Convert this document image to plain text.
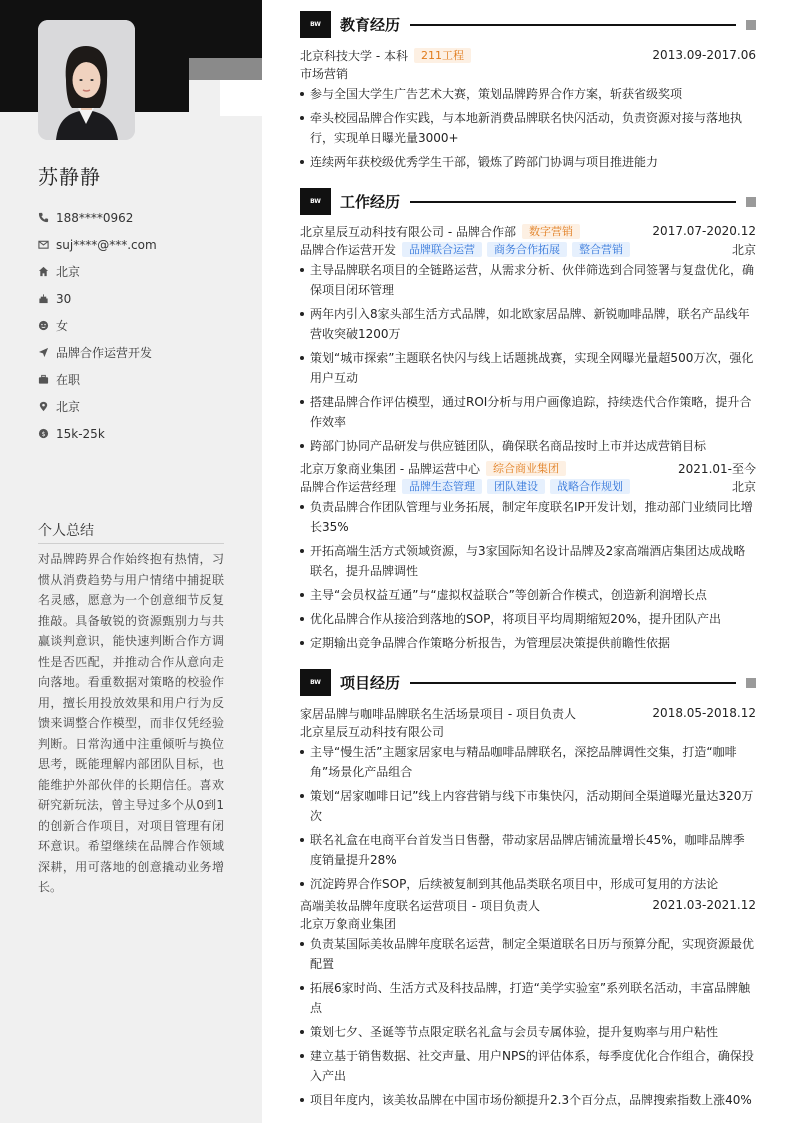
苏静静
188****0962
suj****@***.com
北京
30
女
品牌合作运营开发
在职
北京
$ 15k-25k
个人总结
对品牌跨界合作始终抱有热情，习惯从消费趋势与用户情绪中捕捉联名灵感，愿意为一个创意细节反复推敲。具备敏锐的资源甄别力与共赢谈判意识，能快速判断合作方调性是否匹配，并推动合作从意向走向落地。看重数据对策略的校验作用，擅长用投放效果和用户行为反馈来调整合作模型，而非仅凭经验判断。日常沟通中注重倾听与换位思考，既能理解内部团队目标，也能维护外部伙伴的长期信任。喜欢研究新玩法，曾主导过多个从0到1的创新合作项目，对项目管理有闭环意识。希望继续在品牌合作领域深耕，用可落地的创意撬动业务增长。
BW	教育经历
北京科技大学 - 本科	211工程	2013.09-2017.06
市场营销
参与全国大学生广告艺术大赛，策划品牌跨界合作方案，斩获省级奖项
牵头校园品牌合作实践，与本地新消费品牌联名快闪活动，负责资源对接与落地执行，实现单日曝光量3000+
连续两年获校级优秀学生干部，锻炼了跨部门协调与项目推进能力
BW	工作经历
北京星辰互动科技有限公司 - 品牌合作部	数字营销	2017.07-2020.12
品牌合作运营开发	品牌联合运营	商务合作拓展	整合营销	北京
主导品牌联名项目的全链路运营，从需求分析、伙伴筛选到合同签署与复盘优化，确保项目闭环管理
两年内引入8家头部生活方式品牌，如北欧家居品牌、新锐咖啡品牌，联名产品线年营收突破1200万
策划“城市探索”主题联名快闪与线上话题挑战赛，实现全网曝光量超500万次，强化用户互动
搭建品牌合作评估模型，通过ROI分析与用户画像追踪，持续迭代合作策略，提升合作效率
跨部门协同产品研发与供应链团队，确保联名商品按时上市并达成营销目标
北京万象商业集团 - 品牌运营中心	综合商业集团	2021.01-至今
品牌合作运营经理	品牌生态管理	团队建设	战略合作规划	北京
负责品牌合作团队管理与业务拓展，制定年度联名IP开发计划，推动部门业绩同比增长35%
开拓高端生活方式领域资源，与3家国际知名设计品牌及2家高端酒店集团达成战略联名，提升品牌调性
主导“会员权益互通”与“虚拟权益联合”等创新合作模式，创造新利润增长点
优化品牌合作从接洽到落地的SOP，将项目平均周期缩短20%，提升团队产出
定期输出竞争品牌合作策略分析报告，为管理层决策提供前瞻性依据
BW	项目经历
家居品牌与咖啡品牌联名生活场景项目 - 项目负责人	2018.05-2018.12
北京星辰互动科技有限公司
主导“慢生活”主题家居家电与精品咖啡品牌联名，深挖品牌调性交集，打造“咖啡角”场景化产品组合
策划“居家咖啡日记”线上内容营销与线下市集快闪，活动期间全渠道曝光量达320万次
联名礼盒在电商平台首发当日售罄，带动家居品牌店铺流量增长45%，咖啡品牌季度销量提升28%
沉淀跨界合作SOP，后续被复制到其他品类联名项目中，形成可复用的方法论
高端美妆品牌年度联名运营项目 - 项目负责人	2021.03-2021.12
北京万象商业集团
负责某国际美妆品牌年度联名运营，制定全渠道联名日历与预算分配，实现资源最优配置
拓展6家时尚、生活方式及科技品牌，打造“美学实验室”系列联名活动，丰富品牌触点
策划七夕、圣诞等节点限定联名礼盒与会员专属体验，提升复购率与用户粘性
建立基于销售数据、社交声量、用户NPS的评估体系，每季度优化合作组合，确保投入产出
项目年度内，该美妆品牌在中国市场份额提升2.3个百分点，品牌搜索指数上涨40%
